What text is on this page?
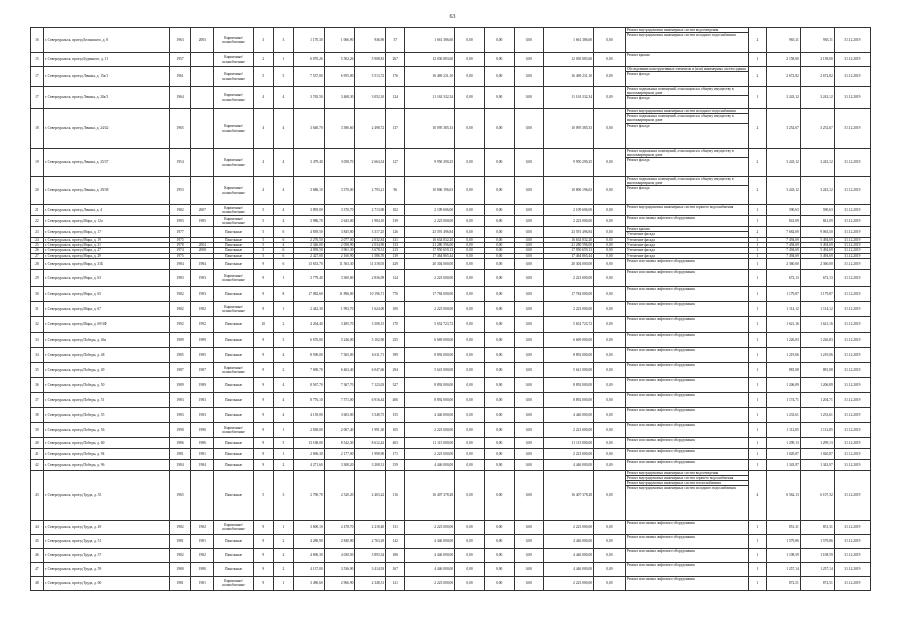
63
16	г. Североуральск, проезд Белинского, д. 8	1963	2003	Кирпичные/ шлакоблочные	3	3	1 170,30	1 066,90	946,90	37	1 661 386,60	0,00	0,00	0,00	1 661 386,60	0,00	Ремонт внутридомовых инженерных систем водоотведения
Ремонт внутридомовых инженерных систем холодного водоснабжения	2	965,11	965,11	31.12.2019
15	г. Североуральск, проезд Буденного, д. 11	1957		Кирпичные/ шлакоблочные	2	1	6 070,26	5 502,26	5 908,81	267	12 030 083,60	0,00	0,00	0,00	12 030 083,60	0,00	Ремонт крыши	1	2 158,00	2 158,00	31.12.2019
17	г. Североуральск, проезд Ленина, д. 15а/1	1961		Кирпичные/ шлакоблочные	5	5	7 537,00	6 955,00	5 513,72	176	16 469 231,10	0,00	0,00	0,00	16 469 231,10	0,00	Обследование конструктивных элементов и (или) инженерных систем здания
Ремонт фасада	2	2 672,82	2 672,82	31.12.2019
17	г. Североуральск, проезд Ленина, д. 20а/3	1964		Кирпичные/ шлакоблочные	4	4	3 765,50	3 468,30	3 052,10	124	11 163 332,34	0,00	0,00	0,00	11 163 332,34	0,00	Ремонт подвальных помещений, относящихся к общему имуществу в многоквартирном доме
Ремонт фасада	1	3 243,12	3 243,12	31.12.2019
18	г. Североуральск, проезд Ленина, д. 24/42	1965		Кирпичные/ шлакоблочные	4	4	3 640,70	3 386,60	2 498,72	137	10 095 385,33	0,00	0,00	0,00	10 095 385,33	0,00	Ремонт внутридомовых инженерных систем холодного водоснабжения
Ремонт подвальных помещений, относящихся к общему имуществу в многоквартирном доме
Ремонт фасада	2	3 252,67	3 252,67	31.12.2019
19	г. Североуральск, проезд Ленина, д. 25/37	1954		Кирпичные/ шлакоблочные	4	4	3 479,40	3 058,70	2 664,34	127	9 950 290,25	0,00	0,00	0,00	9 950 290,25	0,00	Ремонт подвальных помещений, относящихся к общему имуществу в многоквартирном доме
Ремонт фасада	2	3 243,12	3 243,12	31.12.2019
20	г. Североуральск, проезд Ленина, д. 29/38	1953		Кирпичные/ шлакоблочные	4	4	3 686,10	3 370,00	2 793,21	96	10 806 196,63	0,00	0,00	0,00	10 806 196,63	0,00	Ремонт подвальных помещений, относящихся к общему имуществу в многоквартирном доме
Ремонт фасада	2	3 243,12	3 243,12	31.12.2019
21	г. Североуральск, проезд Ленина, д. 4	1982	2007	Кирпичные/ шлакоблочные	5	4	3 895,00	3 370,70	2 713,90	102	2 109 606,00	0,00	0,00	0,00	2 109 606,00	0,00	Ремонт внутридомовых инженерных систем горячего водоснабжения	1	590,63	590,63	31.12.2019
22	г. Североуральск, проезд Мира, д. 12а	1983	1985	Кирпичные/ шлакоблочные	5	4	3 986,70	2 643,00	1 984,10	139	2 223 000,00	0,00	0,00	0,00	2 223 000,00	0,00	Ремонт или замена лифтового оборудования	1	841,09	841,09	31.12.2019
23	г. Североуральск, проезд Мира, д. 17	1977		Панельные	5	6	4 839,50	3 845,80	3 317,25	126	23 591 496,84	0,00	0,00	0,00	23 591 496,84	0,00	Ремонт крыши
Утепление фасада	2	7 682,69	9 063,50	31.12.2019
24	г. Североуральск, проезд Мира, д. 19	1975		Панельные	5	6	2 276,50	2 077,00	2 032,84	131	16 634 832,20	0,00	0,00	0,00	16 634 832,20	0,00	Утепление фасада	1	7 494,69	5 494,69	31.12.2019
25	г. Североуральск, проезд Мира, д. 21	1978	2004	Панельные	5	4	2 346,00	2 058,90	2 034,90	133	21 280 596,00	0,00	0,00	0,00	21 280 596,00	0,00	Утепление фасада	1	7 494,69	5 494,69	31.12.2019
26	г. Североуральск, проезд Мира, д. 27	1974	2008	Панельные	5	6	4 839,50	3 961,30	3 678,31	213	17 950 659,13	0,00	0,00	0,00	17 950 659,13	0,00	Утепление фасада	1	7 494,69	5 494,69	31.12.2019
27	г. Североуральск, проезд Мира, д. 29	1975		Панельные	5	6	2 427,00	2 160,90	1 586,70	139	17 464 865,44	0,00	0,00	0,00	17 464 865,44	0,00	Утепление фасада	1	7 494,69	5 494,69	31.12.2019
28	г. Североуральск, проезд Мира, д. 31Б	1984	1984	Панельные	9	6	13 633,70	11 563,30	11 318,05	429	20 304 000,00	0,00	0,00	0,00	20 304 000,00	0,00	Ремонт или замена лифтового оборудования	1	2 360,00	2 360,00	31.12.2019
29	г. Североуральск, проезд Мира, д. 63	1983	1983	Кирпичные/ шлакоблочные	9	1	3 779,40	3 300,00	2 836,09	124	2 223 000,00	0,00	0,00	0,00	2 223 000,00	0,00	Ремонт или замена лифтового оборудования	1	672,13	672,13	31.12.2019
30	г. Североуральск, проезд Мира, д. 65	1982	1983	Панельные	9	8	17 082,60	11 896,00	10 196,71	776	17 784 000,00	0,00	0,00	0,00	17 784 000,00	0,00	Ремонт или замена лифтового оборудования	1	1 179,87	1 179,87	31.12.2019
31	г. Североуральск, проезд Мира, д. 67	1982	1982	Кирпичные/ шлакоблочные	9	1	2 442,30	1 993,70	1 624,00	100	2 223 000,00	0,00	0,00	0,00	2 223 000,00	0,00	Ремонт или замена лифтового оборудования	1	1 114,12	1 114,12	31.12.2019
32	г. Североуральск, проезд Мира, д. 69/3Ф	1992	1992	Панельные	10	2	4 264,40	3 485,70	3 508,15	170	5 652 723,72	0,00	0,00	0,00	5 652 723,72	0,00	Ремонт или замена лифтового оборудования	1	1 621,16	1 621,16	31.12.2019
33	г. Североуральск, проезд Победы, д. 46а	1989	1989	Панельные	9	3	6 676,00	5 246,00	5 102,90	255	6 669 000,00	0,00	0,00	0,00	6 669 000,00	0,00	Ремонт или замена лифтового оборудования	1	1 226,83	1 226,83	31.12.2019
34	г. Североуральск, проезд Победы, д. 48	1985	1985	Панельные	9	4	8 590,00	7 365,00	6 611,71	399	8 892 000,00	0,00	0,00	0,00	8 892 000,00	0,00	Ремонт или замена лифтового оборудования	1	1 219,06	1 219,06	31.12.2019
35	г. Североуральск, проезд Победы, д. 49	1987	1987	Кирпичные/ шлакоблочные	9	2	7 690,70	6 463,40	6 047,66	294	5 641 000,00	0,00	0,00	0,00	5 641 000,00	0,00	Ремонт или замена лифтового оборудования	1	881,08	881,08	31.12.2019
36	г. Североуральск, проезд Победы, д. 50	1989	1989	Панельные	9	4	8 567,70	7 367,70	7 123,03	327	8 892 000,00	0,00	0,00	0,00	8 892 000,00	0,00	Ремонт или замена лифтового оборудования	1	1 206,89	1 206,89	31.12.2019
37	г. Североуральск, проезд Победы, д. 51	1983	1983	Панельные	9	4	8 776,10	7 571,00	6 916,44	406	8 892 000,00	0,00	0,00	0,00	8 892 000,00	0,00	Ремонт или замена лифтового оборудования	1	1 174,71	1 204,71	31.12.2019
38	г. Североуральск, проезд Победы, д. 55	1983	1983	Панельные	9	4	4 139,00	3 603,00	3 548,75	155	4 446 000,00	0,00	0,00	0,00	4 446 000,00	0,00	Ремонт или замена лифтового оборудования	1	1 233,61	1 233,61	31.12.2019
39	г. Североуральск, проезд Победы, д. 56	1990	1990	Кирпичные/ шлакоблочные	9	1	2 838,00	2 007,40	1 991,30	105	2 223 000,00	0,00	0,00	0,00	2 223 000,00	0,00	Ремонт или замена лифтового оборудования	1	1 112,85	1 112,85	31.12.2019
40	г. Североуральск, проезд Победы, д. 60	1986	1986	Панельные	9	5	13 168,00	8 542,30	8 612,42	403	11 115 000,00	0,00	0,00	0,00	11 115 000,00	0,00	Ремонт или замена лифтового оборудования	1	1 299,13	1 299,13	31.12.2019
41	г. Североуральск, проезд Победы, д. 94	1981	1981	Панельные	9	1	2 696,30	2 177,00	1 998,90	171	2 223 000,00	0,00	0,00	0,00	2 223 000,00	0,00	Ремонт или замена лифтового оборудования	1	1 020,87	1 020,87	31.12.2019
42	г. Североуральск, проезд Победы, д. 96	1984	1984	Панельные	9	2	4 271,60	3 308,20	3 208,31	159	4 446 000,00	0,00	0,00	0,00	4 446 000,00	0,00	Ремонт или замена лифтового оборудования	1	1 343,97	1 343,97	31.12.2019
43	г. Североуральск, проезд Труда, д. 35	1965		Панельные	5	3	2 790,70	2 520,20	2 403,22	116	16 407 378,28	0,00	0,00	0,00	16 407 378,28	0,00	Ремонт внутридомовых инженерных систем водоотведения
Ремонт внутридомовых инженерных систем горячего водоснабжения
Ремонт внутридомовых инженерных систем теплоснабжения
Ремонт внутридомовых инженерных систем холодного водоснабжения	4	6 562,13	6 107,32	31.12.2019
44	г. Североуральск, проезд Труда, д. 49	1982	1982	Кирпичные/ шлакоблочные	9	1	3 600,10	2 478,70	2 218,40	131	2 223 000,00	0,00	0,00	0,00	2 223 000,00	0,00	Ремонт или замена лифтового оборудования	1	851,31	851,31	31.12.2019
45	г. Североуральск, проезд Труда, д. 51	1981	1981	Панельные	9	2	4 280,90	2 840,90	2 763,29	142	4 446 000,00	0,00	0,00	0,00	4 446 000,00	0,00	Ремонт или замена лифтового оборудования	1	1 579,86	1 579,86	31.12.2019
46	г. Североуральск, проезд Труда, д. 57	1982	1982	Панельные	9	2	4 696,30	4 030,50	3 893,34	186	4 446 000,00	0,00	0,00	0,00	4 446 000,00	0,00	Ремонт или замена лифтового оборудования	1	1 108,59	1 108,59	31.12.2019
47	г. Североуральск, проезд Труда, д. 59	1980	1980	Панельные	9	2	4 137,00	3 536,90	3 414,93	167	4 446 000,00	0,00	0,00	0,00	4 446 000,00	0,00	Ремонт или замена лифтового оборудования	1	1 257,14	1 257,14	31.12.2019
48	г. Североуральск, проезд Труда, д. 60	1981	1981	Кирпичные/ шлакоблочные	9	1	3 490,60	2 966,90	2 348,31	121	2 223 000,00	0,00	0,00	0,00	2 223 000,00	0,00	Ремонт или замена лифтового оборудования	1	872,51	872,51	31.12.2019
